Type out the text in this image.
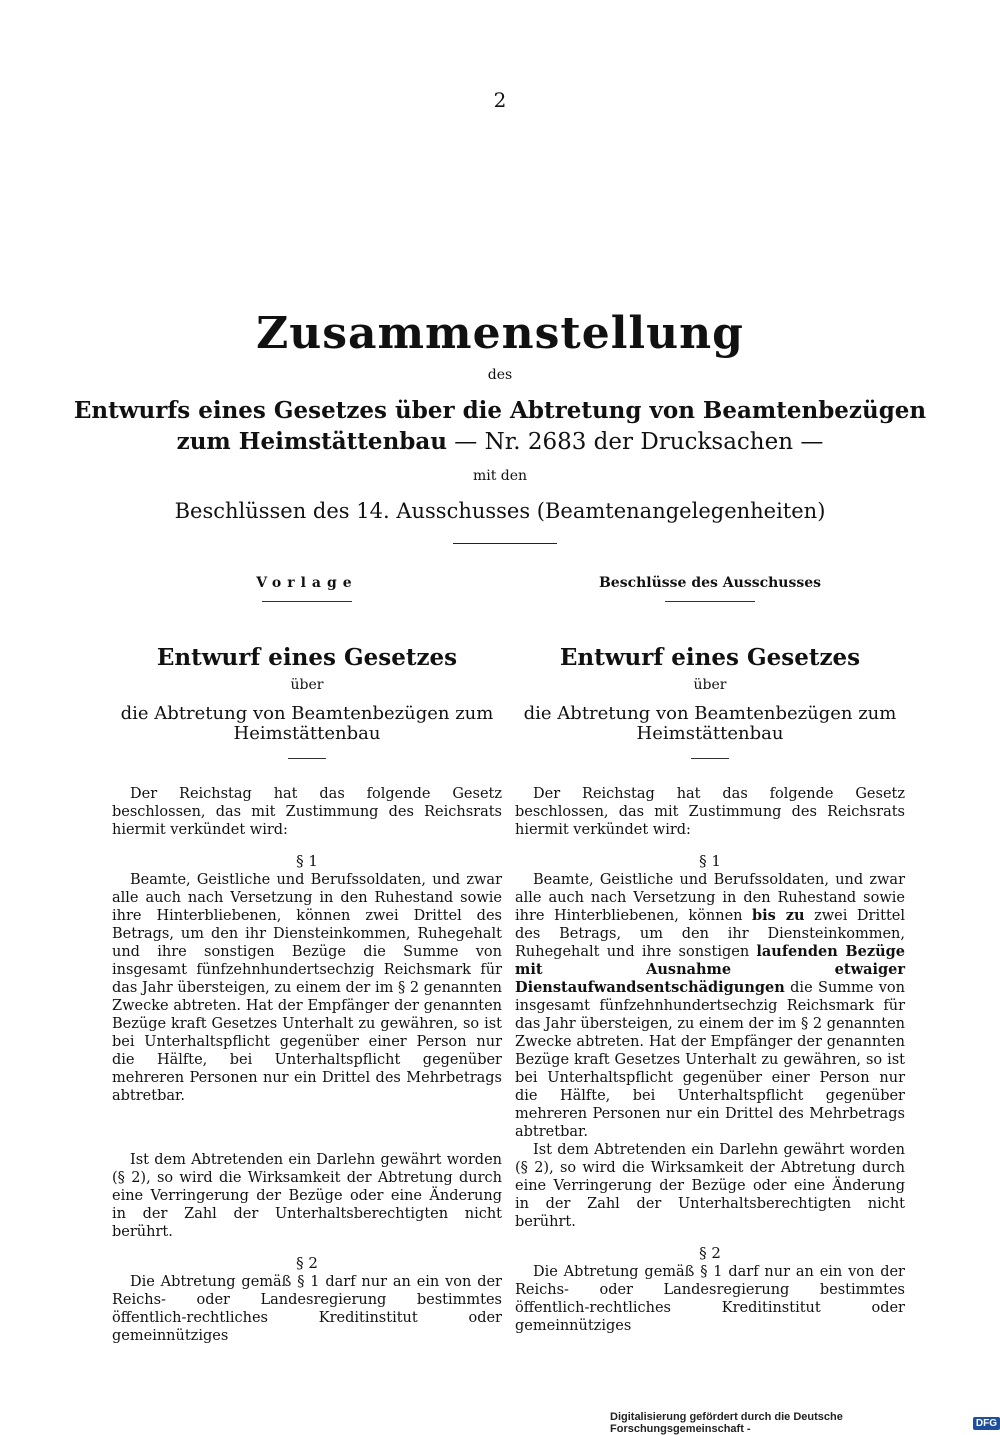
2
Zusammenstellung
des
Entwurfs eines Gesetzes über die Abtretung von Beamtenbezügen
zum Heimstättenbau — Nr. 2683 der Drucksachen —
mit den
Beschlüssen des 14. Ausschusses (Beamtenangelegenheiten)
Vorlage
Entwurf eines Gesetzes
über
die Abtretung von Beamtenbezügen zum Heimstättenbau

Der Reichstag hat das folgende Gesetz beschlossen, das mit Zustimmung des Reichsrats hiermit verkündet wird:

§ 1

Beamte, Geistliche und Berufssoldaten, und zwar alle auch nach Versetzung in den Ruhestand sowie ihre Hinterbliebenen, können zwei Drittel des Betrags, um den ihr Diensteinkommen, Ruhegehalt und ihre sonstigen Bezüge die Summe von insgesamt fünfzehnhundertsechzig Reichsmark für das Jahr übersteigen, zu einem der im § 2 genannten Zwecke abtreten. Hat der Empfänger der genannten Bezüge kraft Gesetzes Unterhalt zu gewähren, so ist bei Unterhaltspflicht gegenüber einer Person nur die Hälfte, bei Unterhaltspflicht gegenüber mehreren Personen nur ein Drittel des Mehrbetrags abtretbar.

Ist dem Abtretenden ein Darlehn gewährt worden (§ 2), so wird die Wirksamkeit der Abtretung durch eine Verringerung der Bezüge oder eine Änderung in der Zahl der Unterhaltsberechtigten nicht berührt.

§ 2

Die Abtretung gemäß § 1 darf nur an ein von der Reichs- oder Landesregierung bestimmtes öffentlich-rechtliches Kreditinstitut oder gemeinnütziges

Beschlüsse des Ausschusses
Entwurf eines Gesetzes
über
die Abtretung von Beamtenbezügen zum Heimstättenbau

Der Reichstag hat das folgende Gesetz beschlossen, das mit Zustimmung des Reichsrats hiermit verkündet wird:

§ 1

Beamte, Geistliche und Berufssoldaten, und zwar alle auch nach Versetzung in den Ruhestand sowie ihre Hinterbliebenen, können bis zu zwei Drittel des Betrags, um den ihr Diensteinkommen, Ruhegehalt und ihre sonstigen laufenden Bezüge mit Ausnahme etwaiger Dienstaufwandsentschädigungen die Summe von insgesamt fünfzehnhundertsechzig Reichsmark für das Jahr übersteigen, zu einem der im § 2 genannten Zwecke abtreten. Hat der Empfänger der genannten Bezüge kraft Gesetzes Unterhalt zu gewähren, so ist bei Unterhaltspflicht gegenüber einer Person nur die Hälfte, bei Unterhaltspflicht gegenüber mehreren Personen nur ein Drittel des Mehrbetrags abtretbar.

Ist dem Abtretenden ein Darlehn gewährt worden (§ 2), so wird die Wirksamkeit der Abtretung durch eine Verringerung der Bezüge oder eine Änderung in der Zahl der Unterhaltsberechtigten nicht berührt.

§ 2

Die Abtretung gemäß § 1 darf nur an ein von der Reichs- oder Landesregierung bestimmtes öffentlich-rechtliches Kreditinstitut oder gemeinnütziges

Digitalisierung gefördert durch die Deutsche Forschungsgemeinschaft -	DFG
